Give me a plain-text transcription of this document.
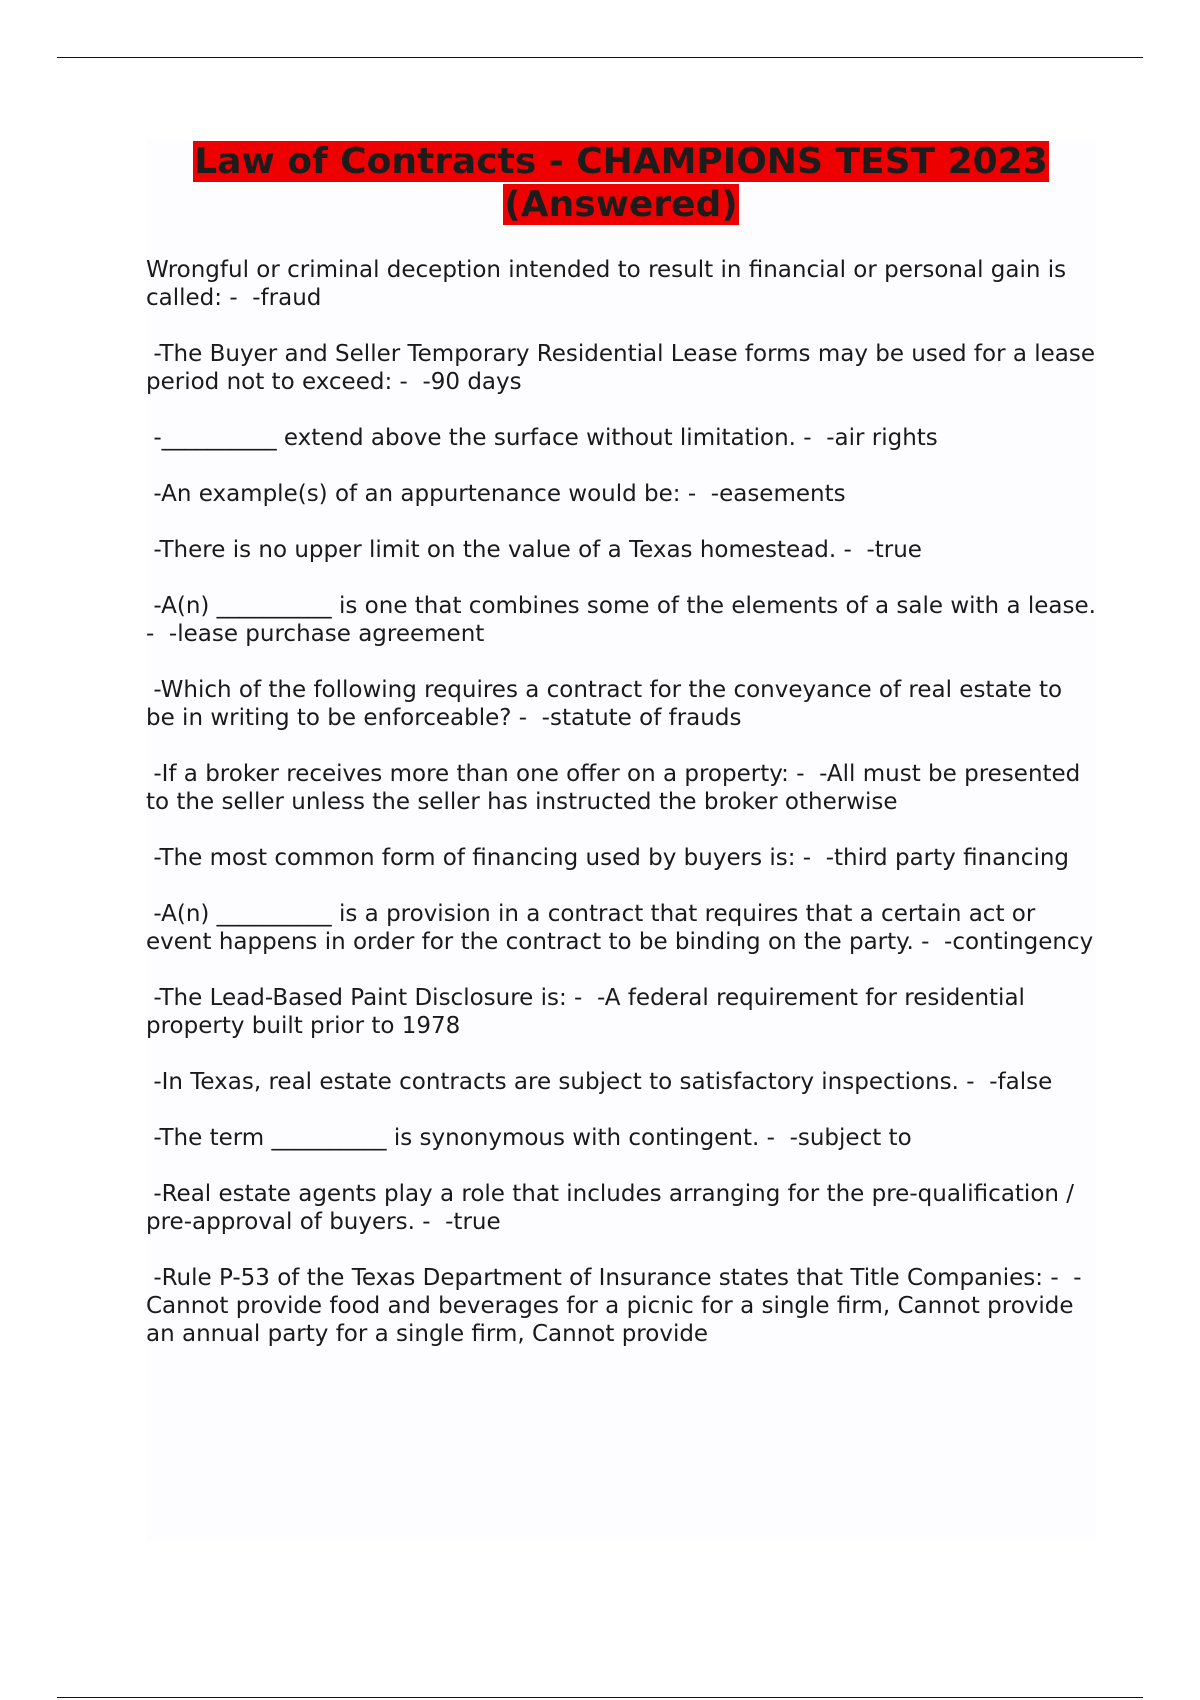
Law of Contracts - CHAMPIONS TEST 2023 (Answered)
Wrongful or criminal deception intended to result in financial or personal gain is called: -  -fraud
-The Buyer and Seller Temporary Residential Lease forms may be used for a lease period not to exceed: -  -90 days
-__________ extend above the surface without limitation. -  -air rights
-An example(s) of an appurtenance would be: -  -easements
-There is no upper limit on the value of a Texas homestead. -  -true
-A(n) __________ is one that combines some of the elements of a sale with a lease. -  -lease purchase agreement
-Which of the following requires a contract for the conveyance of real estate to be in writing to be enforceable? -  -statute of frauds
-If a broker receives more than one offer on a property: -  -All must be presented to the seller unless the seller has instructed the broker otherwise
-The most common form of financing used by buyers is: -  -third party financing
-A(n) __________ is a provision in a contract that requires that a certain act or event happens in order for the contract to be binding on the party. -  -contingency
-The Lead-Based Paint Disclosure is: -  -A federal requirement for residential property built prior to 1978
-In Texas, real estate contracts are subject to satisfactory inspections. -  -false
-The term __________ is synonymous with contingent. -  -subject to
-Real estate agents play a role that includes arranging for the pre-qualification / pre-approval of buyers. -  -true
-Rule P-53 of the Texas Department of Insurance states that Title Companies: -  -Cannot provide food and beverages for a picnic for a single firm, Cannot provide an annual party for a single firm, Cannot provide
